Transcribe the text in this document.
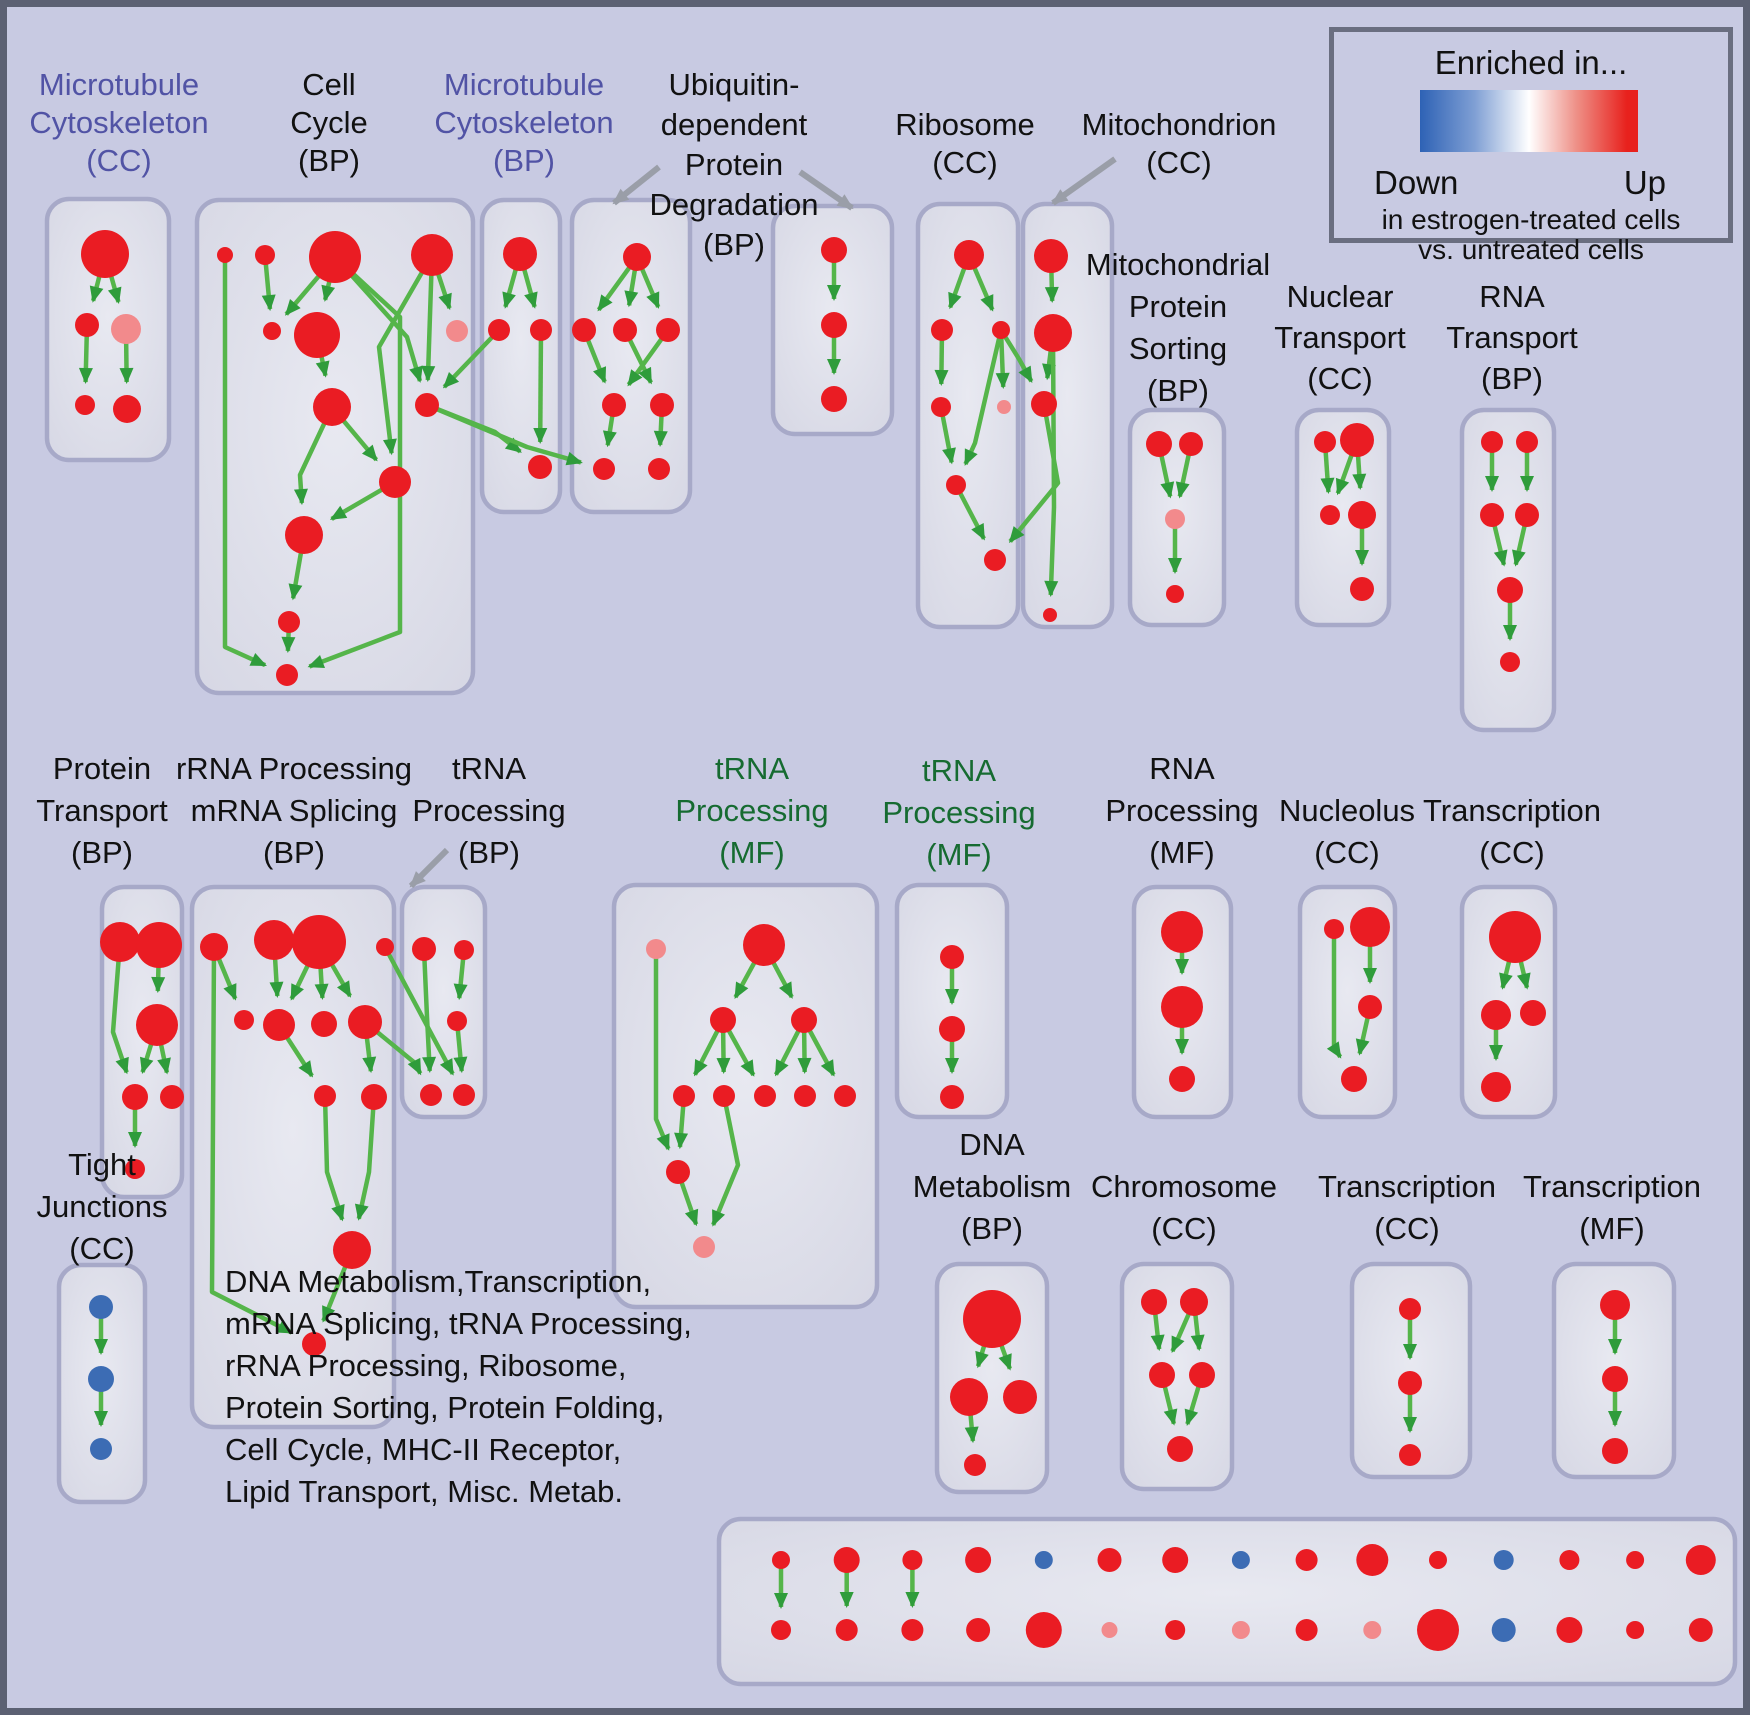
Microtubule Cytoskeleton (CC)
Cell Cycle (BP)
Microtubule Cytoskeleton (BP)
Ubiquitin-dependent Protein Degradation (BP)
Ribosome (CC)
Mitochondrion (CC)
Mitochondrial Protein Sorting (BP)
Nuclear Transport (CC)
RNA Transport (BP)
Protein Transport (BP)
rRNA Processing mRNA Splicing (BP)
tRNA Processing (BP)
tRNA Processing (MF)
tRNA Processing (MF)
RNA Processing (MF)
Nucleolus (CC)
Transcription (CC)
DNA Metabolism (BP)
Chromosome (CC)
Transcription (CC)
Transcription (MF)
Tight Junctions (CC)
DNA Metabolism,Transcription, mRNA Splicing, tRNA Processing, rRNA Processing, Ribosome, Protein Sorting, Protein Folding, Cell Cycle, MHC-II Receptor, Lipid Transport, Misc. Metab.
Enriched in...
Down	Up
in estrogen-treated cells
vs. untreated cells
